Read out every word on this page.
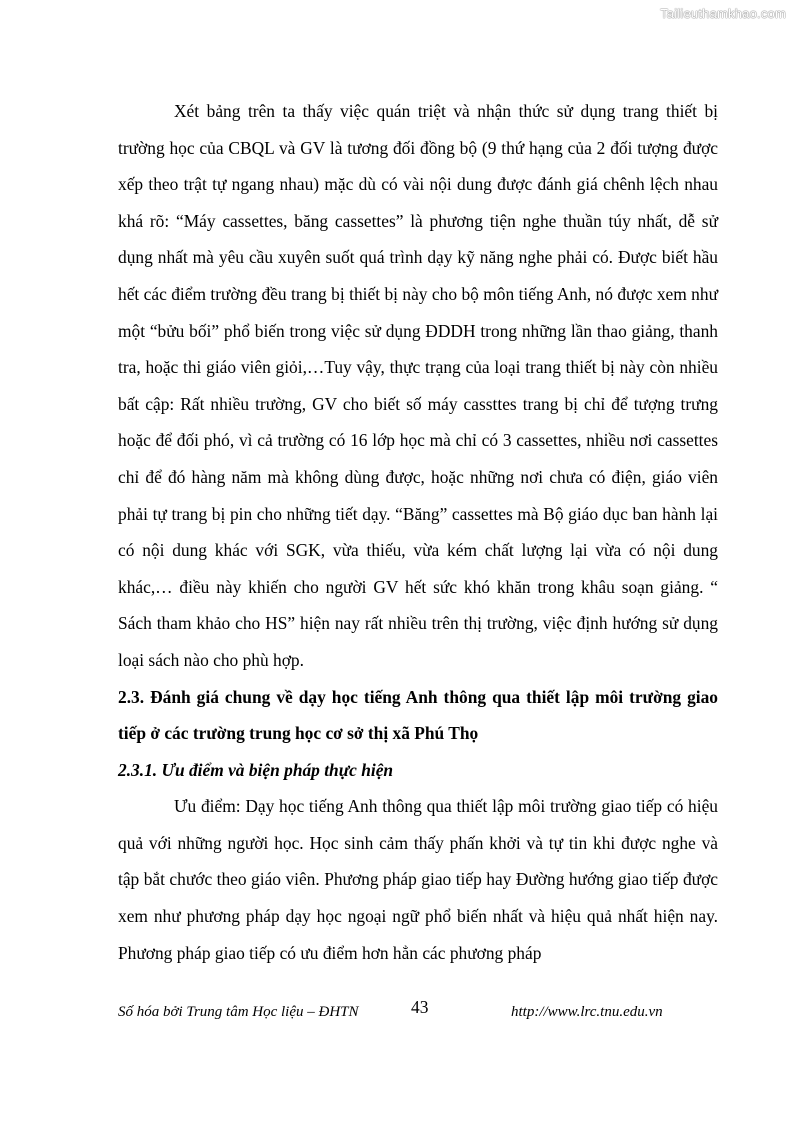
Tailieuthamkhao.com

Xét bảng trên ta thấy việc quán triệt và nhận thức sử dụng trang thiết bị trường học của CBQL và GV là tương đối đồng bộ (9 thứ hạng của 2 đối tượng được xếp theo trật tự ngang nhau) mặc dù có vài nội dung được đánh giá chênh lệch nhau khá rõ: “Máy cassettes, băng cassettes” là phương tiện nghe thuần túy nhất, dễ sử dụng nhất mà yêu cầu xuyên suốt quá trình dạy kỹ năng nghe phải có. Được biết hầu hết các điểm trường đều trang bị thiết bị này cho bộ môn tiếng Anh, nó được xem như một “bửu bối” phổ biến trong việc sử dụng ĐDDH trong những lần thao giảng, thanh tra, hoặc thi giáo viên giỏi,…Tuy vậy, thực trạng của loại trang thiết bị này còn nhiều bất cập: Rất nhiều trường, GV cho biết số máy cassttes trang bị chỉ để tượng trưng hoặc để đối phó, vì cả trường có 16 lớp học mà chỉ có 3 cassettes, nhiều nơi cassettes chỉ để đó hàng năm mà không dùng được, hoặc những nơi chưa có điện, giáo viên phải tự trang bị pin cho những tiết dạy. “Băng” cassettes mà Bộ giáo dục ban hành lại có nội dung khác với SGK, vừa thiếu, vừa kém chất lượng lại vừa có nội dung khác,… điều này khiến cho người GV hết sức khó khăn trong khâu soạn giảng. “ Sách tham khảo cho HS” hiện nay rất nhiều trên thị trường, việc định hướng sử dụng loại sách nào cho phù hợp.

2.3. Đánh giá chung về dạy học tiếng Anh thông qua thiết lập môi trường giao tiếp ở các trường trung học cơ sở thị xã Phú Thọ

2.3.1. Ưu điểm và biện pháp thực hiện

Ưu điểm: Dạy học tiếng Anh thông qua thiết lập môi trường giao tiếp có hiệu quả với những người học. Học sinh cảm thấy phấn khởi và tự tin khi được nghe và tập bắt chước theo giáo viên. Phương pháp giao tiếp hay Đường hướng giao tiếp được xem như phương pháp dạy học ngoại ngữ phổ biến nhất và hiệu quả nhất hiện nay. Phương pháp giao tiếp có ưu điểm hơn hẳn các phương pháp

Số hóa bởi Trung tâm Học liệu – ĐHTN	43	http://www.lrc.tnu.edu.vn
